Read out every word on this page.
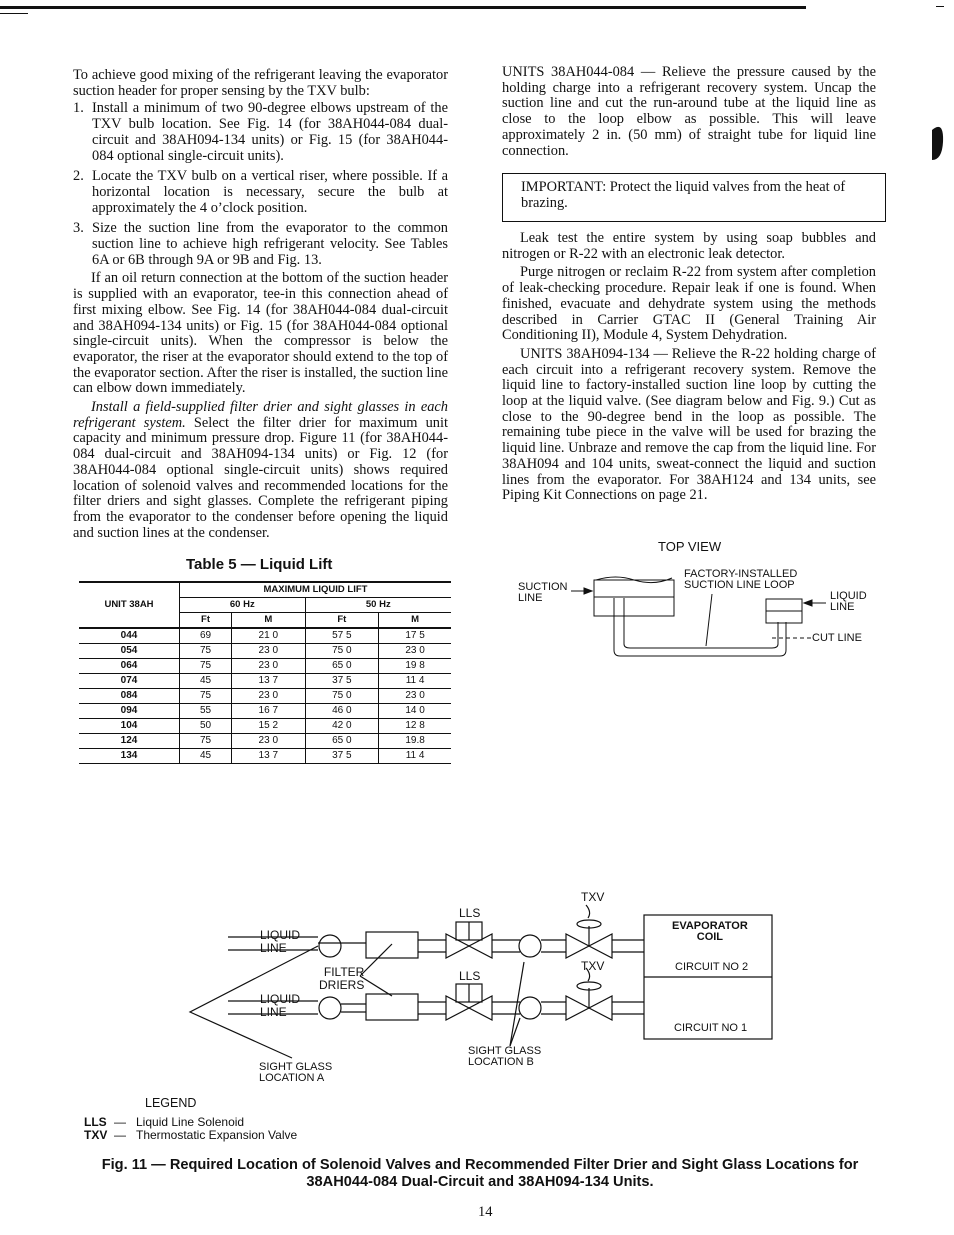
To achieve good mixing of the refrigerant leaving the evaporator suction header for proper sensing by the TXV bulb:

1. Install a minimum of two 90-degree elbows upstream of the TXV bulb location. See Fig. 14 (for 38AH044-084 dual-circuit and 38AH094-134 units) or Fig. 15 (for 38AH044-084 optional single-circuit units).
2. Locate the TXV bulb on a vertical riser, where possible. If a horizontal location is necessary, secure the bulb at approximately the 4 o’clock position.
3. Size the suction line from the evaporator to the common suction line to achieve high refrigerant velocity. See Tables 6A or 6B through 9A or 9B and Fig. 13.

If an oil return connection at the bottom of the suction header is supplied with an evaporator, tee-in this connection ahead of first mixing elbow. See Fig. 14 (for 38AH044-084 dual-circuit and 38AH094-134 units) or Fig. 15 (for 38AH044-084 optional single-circuit units). When the compressor is below the evaporator, the riser at the evaporator should extend to the top of the evaporator section. After the riser is installed, the suction line can elbow down immediately.

Install a field-supplied filter drier and sight glasses in each refrigerant system. Select the filter drier for maximum unit capacity and minimum pressure drop. Figure 11 (for 38AH044-084 dual-circuit and 38AH094-134 units) or Fig. 12 (for 38AH044-084 optional single-circuit units) shows required location of solenoid valves and recommended locations for the filter driers and sight glasses. Complete the refrigerant piping from the evaporator to the condenser before opening the liquid and suction lines at the condenser.

UNITS 38AH044-084 — Relieve the pressure caused by the holding charge into a refrigerant recovery system. Uncap the suction line and cut the run-around tube at the liquid line as close to the loop elbow as possible. This will leave approximately 2 in. (50 mm) of straight tube for liquid line connection.

IMPORTANT: Protect the liquid valves from the heat of brazing.

Leak test the entire system by using soap bubbles and nitrogen or R-22 with an electronic leak detector.

Purge nitrogen or reclaim R-22 from system after completion of leak-checking procedure. Repair leak if one is found. When finished, evacuate and dehydrate system using the methods described in Carrier GTAC II (General Training Air Conditioning II), Module 4, System Dehydration.

UNITS 38AH094-134 — Relieve the R-22 holding charge of each circuit into a refrigerant recovery system. Remove the liquid line to factory-installed suction line loop by cutting the loop at the liquid valve. (See diagram below and Fig. 9.) Cut as close to the 90-degree bend in the loop as possible. The remaining tube piece in the valve will be used for brazing the liquid line. Unbraze and remove the cap from the liquid line. For 38AH094 and 104 units, sweat-connect the liquid and suction lines from the evaporator. For 38AH124 and 134 units, see Piping Kit Connections on page 21.

Table 5 — Liquid Lift
UNIT 38AH	MAXIMUM LIQUID LIFT			
	60 Hz		50 Hz	
	Ft	M	Ft	M
044	69	21 0	57 5	17 5
054	75	23 0	75 0	23 0
064	75	23 0	65 0	19 8
074	45	13 7	37 5	11 4
084	75	23 0	75 0	23 0
094	55	16 7	46 0	14 0
104	50	15 2	42 0	12 8
124	75	23 0	65 0	19.8
134	45	13 7	37 5	11 4
TOP VIEW
SUCTION
LINE
FACTORY-INSTALLED
SUCTION LINE LOOP
LIQUID
LINE
CUT LINE
LIQUID
LINE
LIQUID
LINE
FILTER
DRIERS
LLS
LLS
TXV
TXV
EVAPORATOR
COIL
CIRCUIT NO 2
CIRCUIT NO 1
SIGHT GLASS
LOCATION A
SIGHT GLASS
LOCATION B
LEGEND
LLS — Liquid Line Solenoid
TXV — Thermostatic Expansion Valve
Fig. 11 — Required Location of Solenoid Valves and Recommended Filter Drier and Sight Glass Locations for
38AH044-084 Dual-Circuit and 38AH094-134 Units.
14
